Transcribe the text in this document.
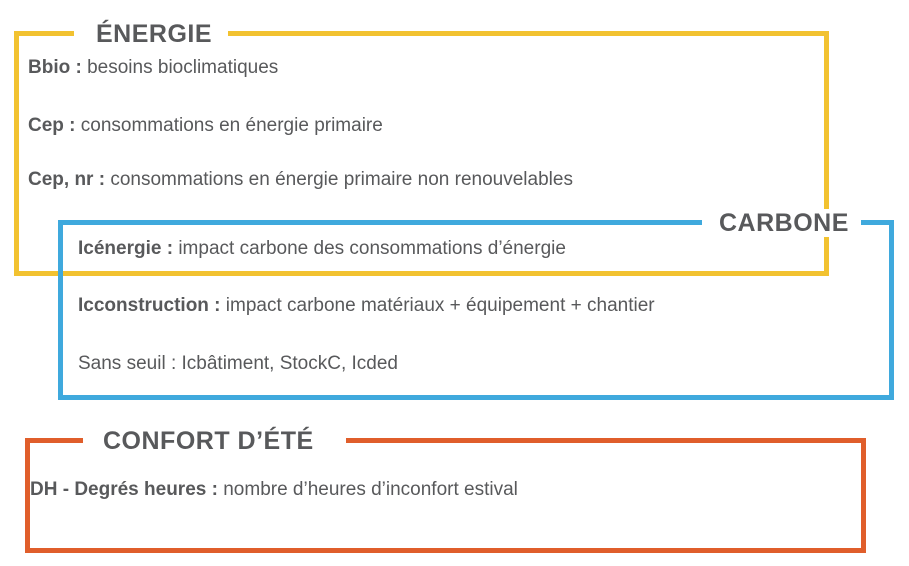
ÉNERGIE
Bbio : besoins bioclimatiques
Cep : consommations en énergie primaire
Cep, nr : consommations en énergie primaire non renouvelables
CARBONE
Icénergie : impact carbone des consommations d’énergie
Icconstruction : impact carbone matériaux + équipement + chantier
Sans seuil : Icbâtiment, StockC, Icded
CONFORT D’ÉTÉ
DH - Degrés heures : nombre d’heures d’inconfort estival
